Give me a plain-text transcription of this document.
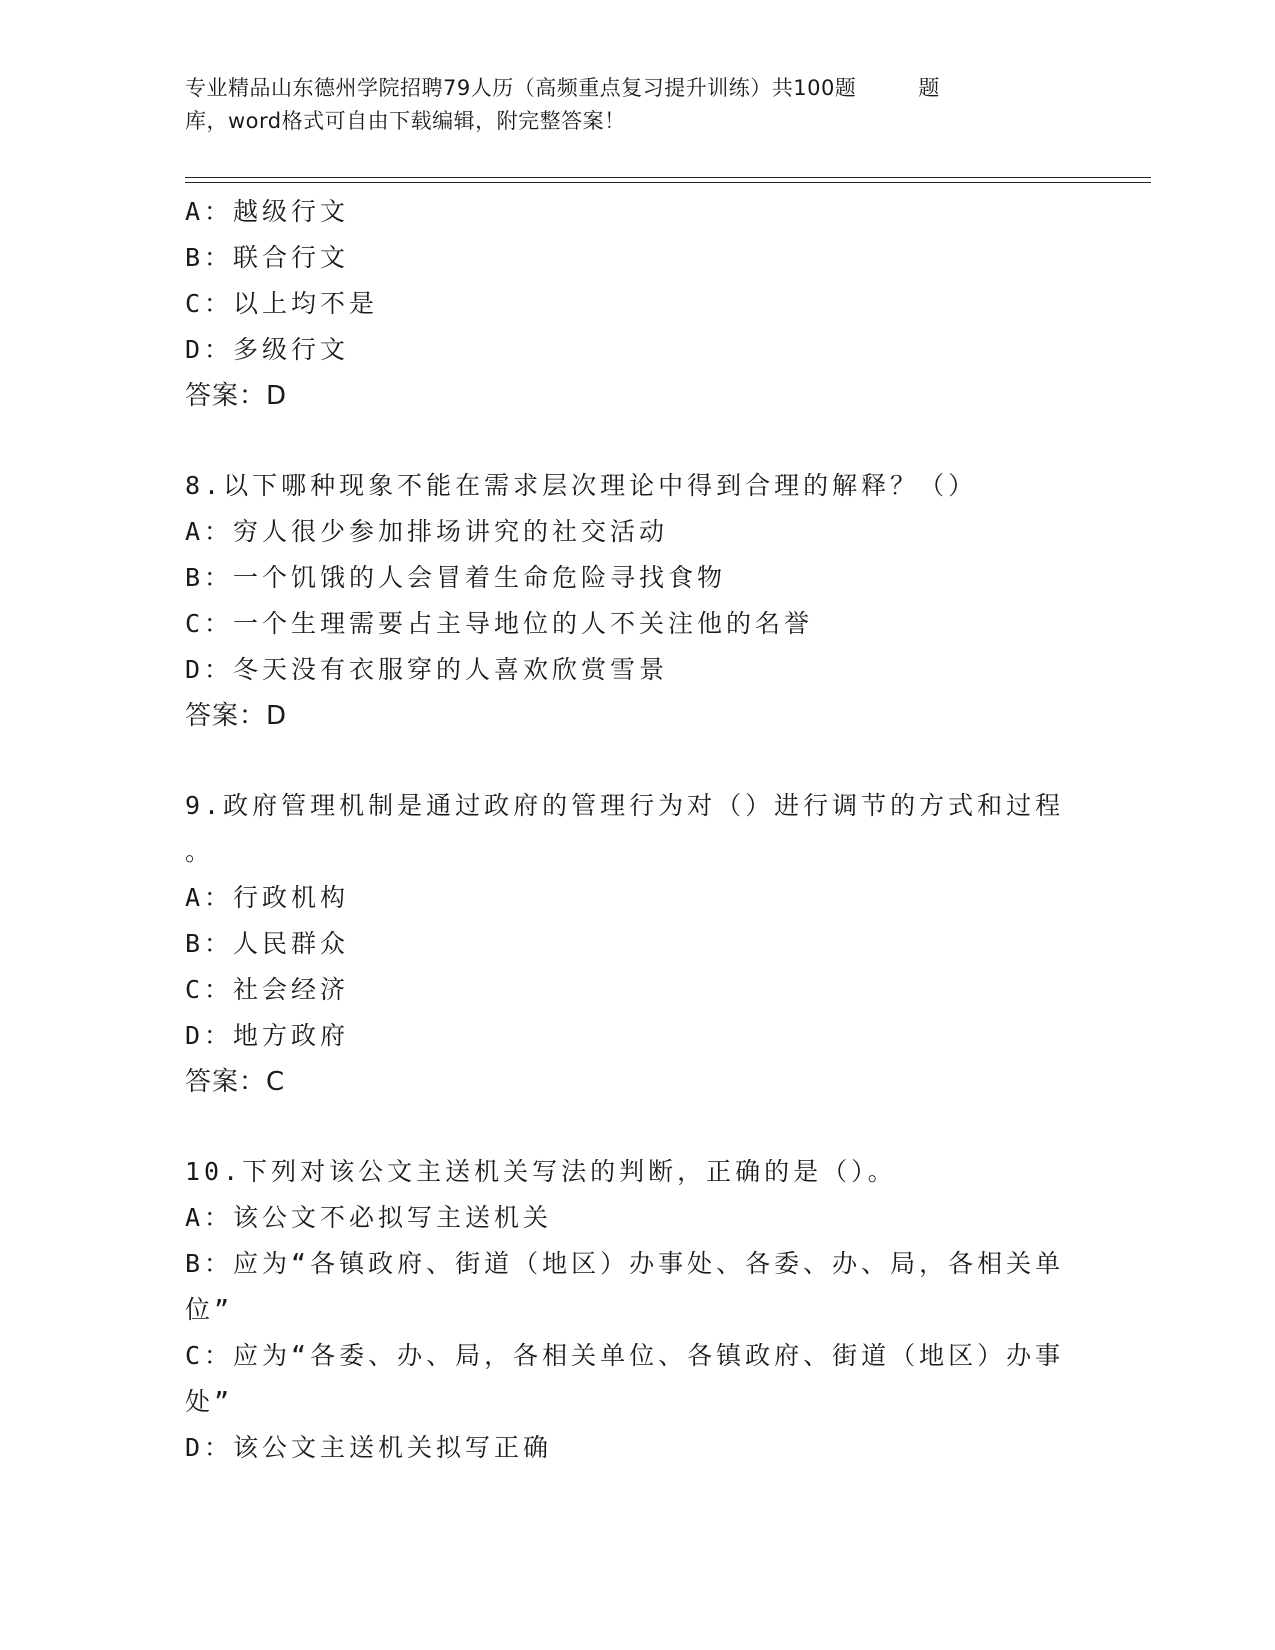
专业精品山东德州学院招聘79人历（高频重点复习提升训练）共100题	题
库，word格式可自由下载编辑，附完整答案！
A：越级行文
B：联合行文
C：以上均不是
D：多级行文
答案：D
8.以下哪种现象不能在需求层次理论中得到合理的解释？（）
A：穷人很少参加排场讲究的社交活动
B：一个饥饿的人会冒着生命危险寻找食物
C：一个生理需要占主导地位的人不关注他的名誉
D：冬天没有衣服穿的人喜欢欣赏雪景
答案：D
9.政府管理机制是通过政府的管理行为对（）进行调节的方式和过程
。
A：行政机构
B：人民群众
C：社会经济
D：地方政府
答案：C
10.下列对该公文主送机关写法的判断，正确的是（）。
A：该公文不必拟写主送机关
B：应为“各镇政府、街道（地区）办事处、各委、办、局，各相关单
位”
C：应为“各委、办、局，各相关单位、各镇政府、街道（地区）办事
处”
D：该公文主送机关拟写正确
